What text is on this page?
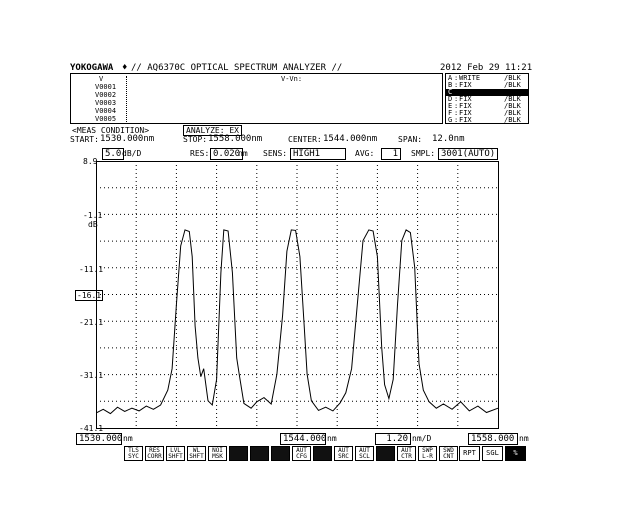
YOKOGAWA ♦ // AQ6370C OPTICAL SPECTRUM ANALYZER //	2012 Feb 29 11:21
V
V0001
V0002
V0003
V0004
V0005
V-Vn:	A : WRITE	/BLK
B : FIX	/BLK
C
D : FIX	/BLK
E : FIX	/BLK
F : FIX	/BLK
G : FIX	/BLK
<MEAS CONDITION>	ANALYZE: EX
START: 1530.000nm	STOP: 1558.000nm	CENTER: 1544.000nm	SPAN: 12.0nm
5.0 dB/D	RES: 0.020
nm SENS: HIGH1	AVG:	1	SMPL: 3001(AUTO)
8.9
-1.1
dB
-11.1
-16.1
-21.1
-31.1
-41.1
1530.000 nm	1544.000 nm	1.20 nm/D	1558.000 nm
TLS SYC
RES CORR
LVL SHFT
WL SHFT
NOI MSK
AUT CFG
AUT SRC
AUT SCL
AUT CTR
SWP L-R
SWD CNT	RPT	SGL	%
